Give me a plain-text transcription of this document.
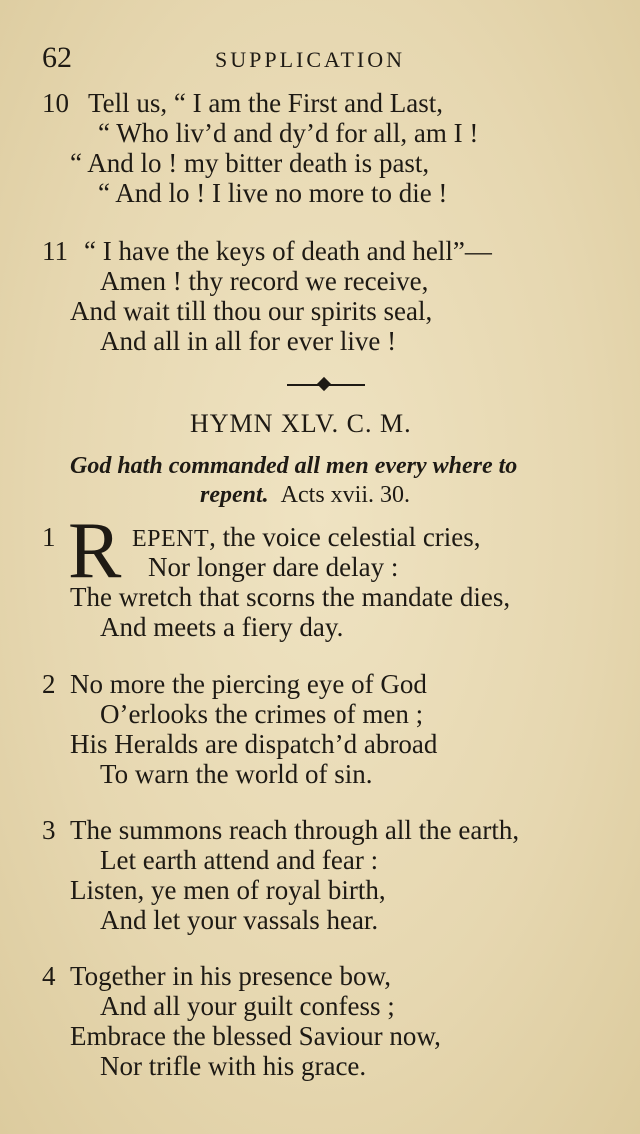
62	SUPPLICATION
10 Tell us, “ I am the First and Last,
“ Who liv’d and dy’d for all, am I !
“ And lo ! my bitter death is past,
“ And lo ! I live no more to die !
11 “ I have the keys of death and hell”—
Amen ! thy record we receive,
And wait till thou our spirits seal,
And all in all for ever live !
HYMN XLV. C. M.
God hath commanded all men every where to
repent. Acts xvii. 30.
1 R EPENT, the voice celestial cries,
Nor longer dare delay :
The wretch that scorns the mandate dies,
And meets a fiery day.
2 No more the piercing eye of God
O’erlooks the crimes of men ;
His Heralds are dispatch’d abroad
To warn the world of sin.
3 The summons reach through all the earth,
Let earth attend and fear :
Listen, ye men of royal birth,
And let your vassals hear.
4 Together in his presence bow,
And all your guilt confess ;
Embrace the blessed Saviour now,
Nor trifle with his grace.
